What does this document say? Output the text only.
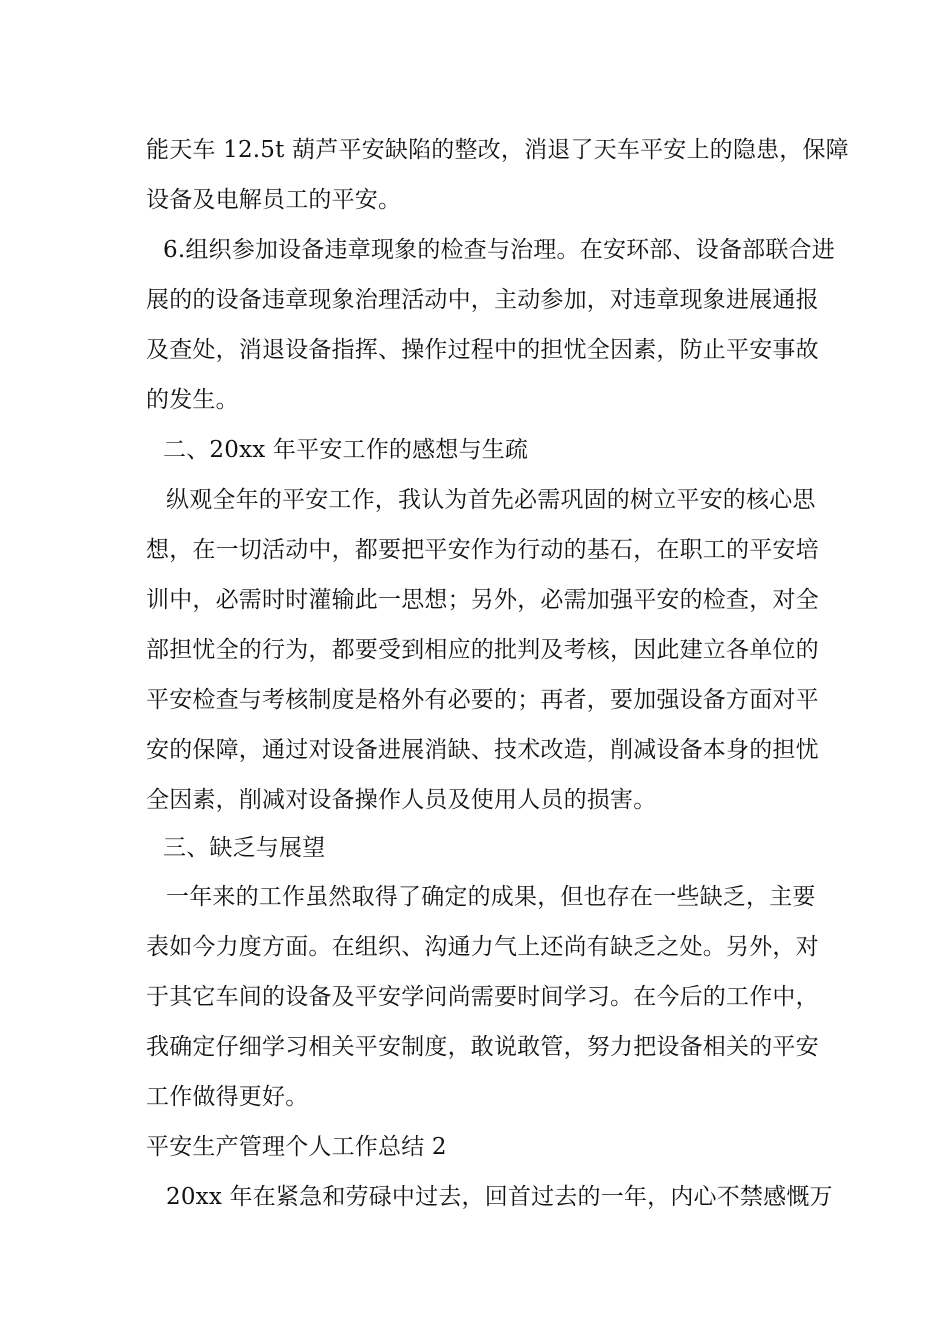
能天车 12.5t 葫芦平安缺陷的整改，消退了天车平安上的隐患，保障
设备及电解员工的平安。
6.组织参加设备违章现象的检查与治理。在安环部、设备部联合进
展的的设备违章现象治理活动中，主动参加，对违章现象进展通报
及查处，消退设备指挥、操作过程中的担忧全因素，防止平安事故
的发生。
二、20xx 年平安工作的感想与生疏
纵观全年的平安工作，我认为首先必需巩固的树立平安的核心思
想，在一切活动中，都要把平安作为行动的基石，在职工的平安培
训中，必需时时灌输此一思想；另外，必需加强平安的检查，对全
部担忧全的行为，都要受到相应的批判及考核，因此建立各单位的
平安检查与考核制度是格外有必要的；再者，要加强设备方面对平
安的保障，通过对设备进展消缺、技术改造，削减设备本身的担忧
全因素，削减对设备操作人员及使用人员的损害。
三、缺乏与展望
一年来的工作虽然取得了确定的成果，但也存在一些缺乏，主要
表如今力度方面。在组织、沟通力气上还尚有缺乏之处。另外，对
于其它车间的设备及平安学问尚需要时间学习。在今后的工作中，
我确定仔细学习相关平安制度，敢说敢管，努力把设备相关的平安
工作做得更好。
平安生产管理个人工作总结 2
20xx 年在紧急和劳碌中过去，回首过去的一年，内心不禁感慨万
